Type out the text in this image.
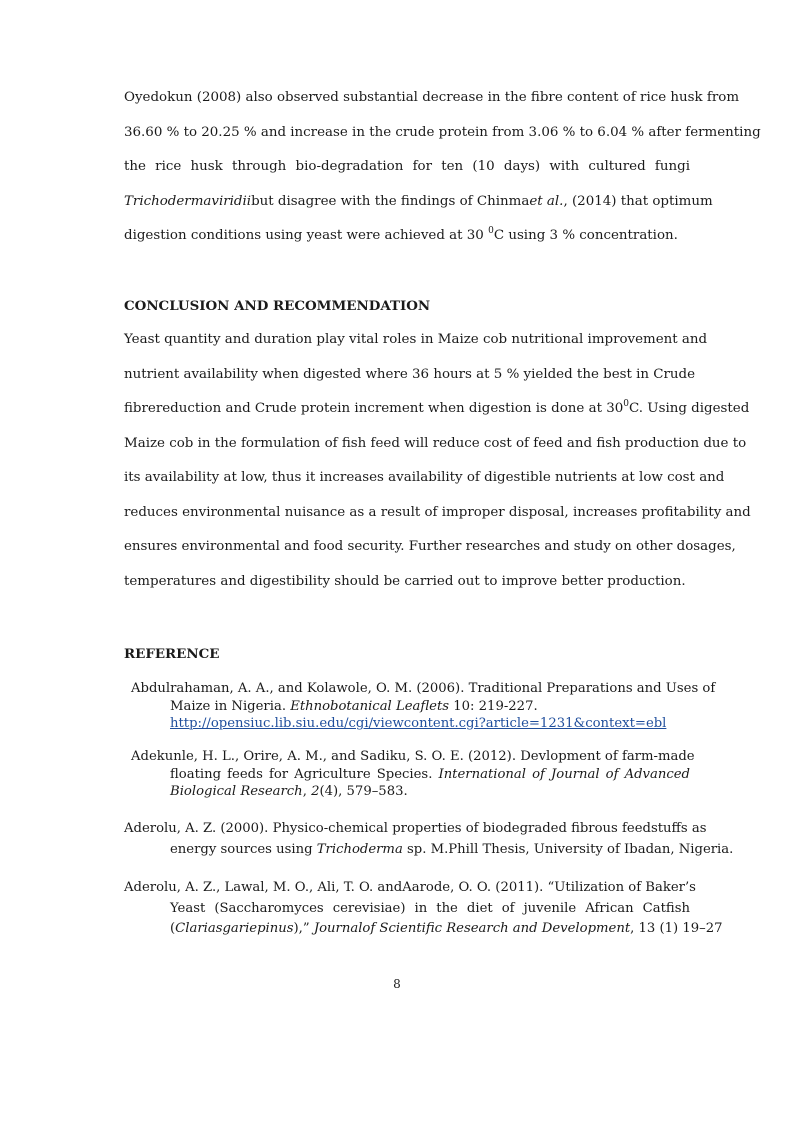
Oyedokun (2008) also observed substantial decrease in the fibre content of rice husk from
36.60 % to 20.25 % and increase in the crude protein from 3.06 % to 6.04 % after fermenting
the rice husk through bio-degradation for ten (10 days) with cultured fungi
Trichodermaviridiibut disagree with the findings of Chinmaet al., (2014) that optimum
digestion conditions using yeast were achieved at 30 $^0$C using 3 % concentration.
CONCLUSION AND RECOMMENDATION
Yeast quantity and duration play vital roles in Maize cob nutritional improvement and
nutrient availability when digested where 36 hours at 5 % yielded the best in Crude
fibrereduction and Crude protein increment when digestion is done at $30^0C$. Using digested
Maize cob in the formulation of fish feed will reduce cost of feed and fish production due to
its availability at low, thus it increases availability of digestible nutrients at low cost and
reduces environmental nuisance as a result of improper disposal, increases profitability and
ensures environmental and food security. Further researches and study on other dosages,
temperatures and digestibility should be carried out to improve better production.
REFERENCE
Abdulrahaman, A. A., and Kolawole, O. M. (2006). Traditional Preparations and Uses of
Maize in Nigeria. Ethnobotanical Leaflets 10: 219-227.
http://opensiuc.lib.siu.edu/cgi/viewcontent.cgi?article=1231&context=ebl
Adekunle, H. L., Orire, A. M., and Sadiku, S. O. E. (2012). Devlopment of farm-made
floating feeds for Agriculture Species. International of Journal of Advanced
Biological Research, 2(4), 579–583.
Aderolu, A. Z. (2000). Physico-chemical properties of biodegraded fibrous feedstuffs as
energy sources using Trichoderma sp. M.Phill Thesis, University of Ibadan, Nigeria.
Aderolu, A. Z., Lawal, M. O., Ali, T. O. andAarode, O. O. (2011). “Utilization of Baker’s
Yeast (Saccharomyces cerevisiae) in the diet of juvenile African Catfish
(Clariasgariepinus),” Journalof Scientific Research and Development, 13 (1) 19–27
8
